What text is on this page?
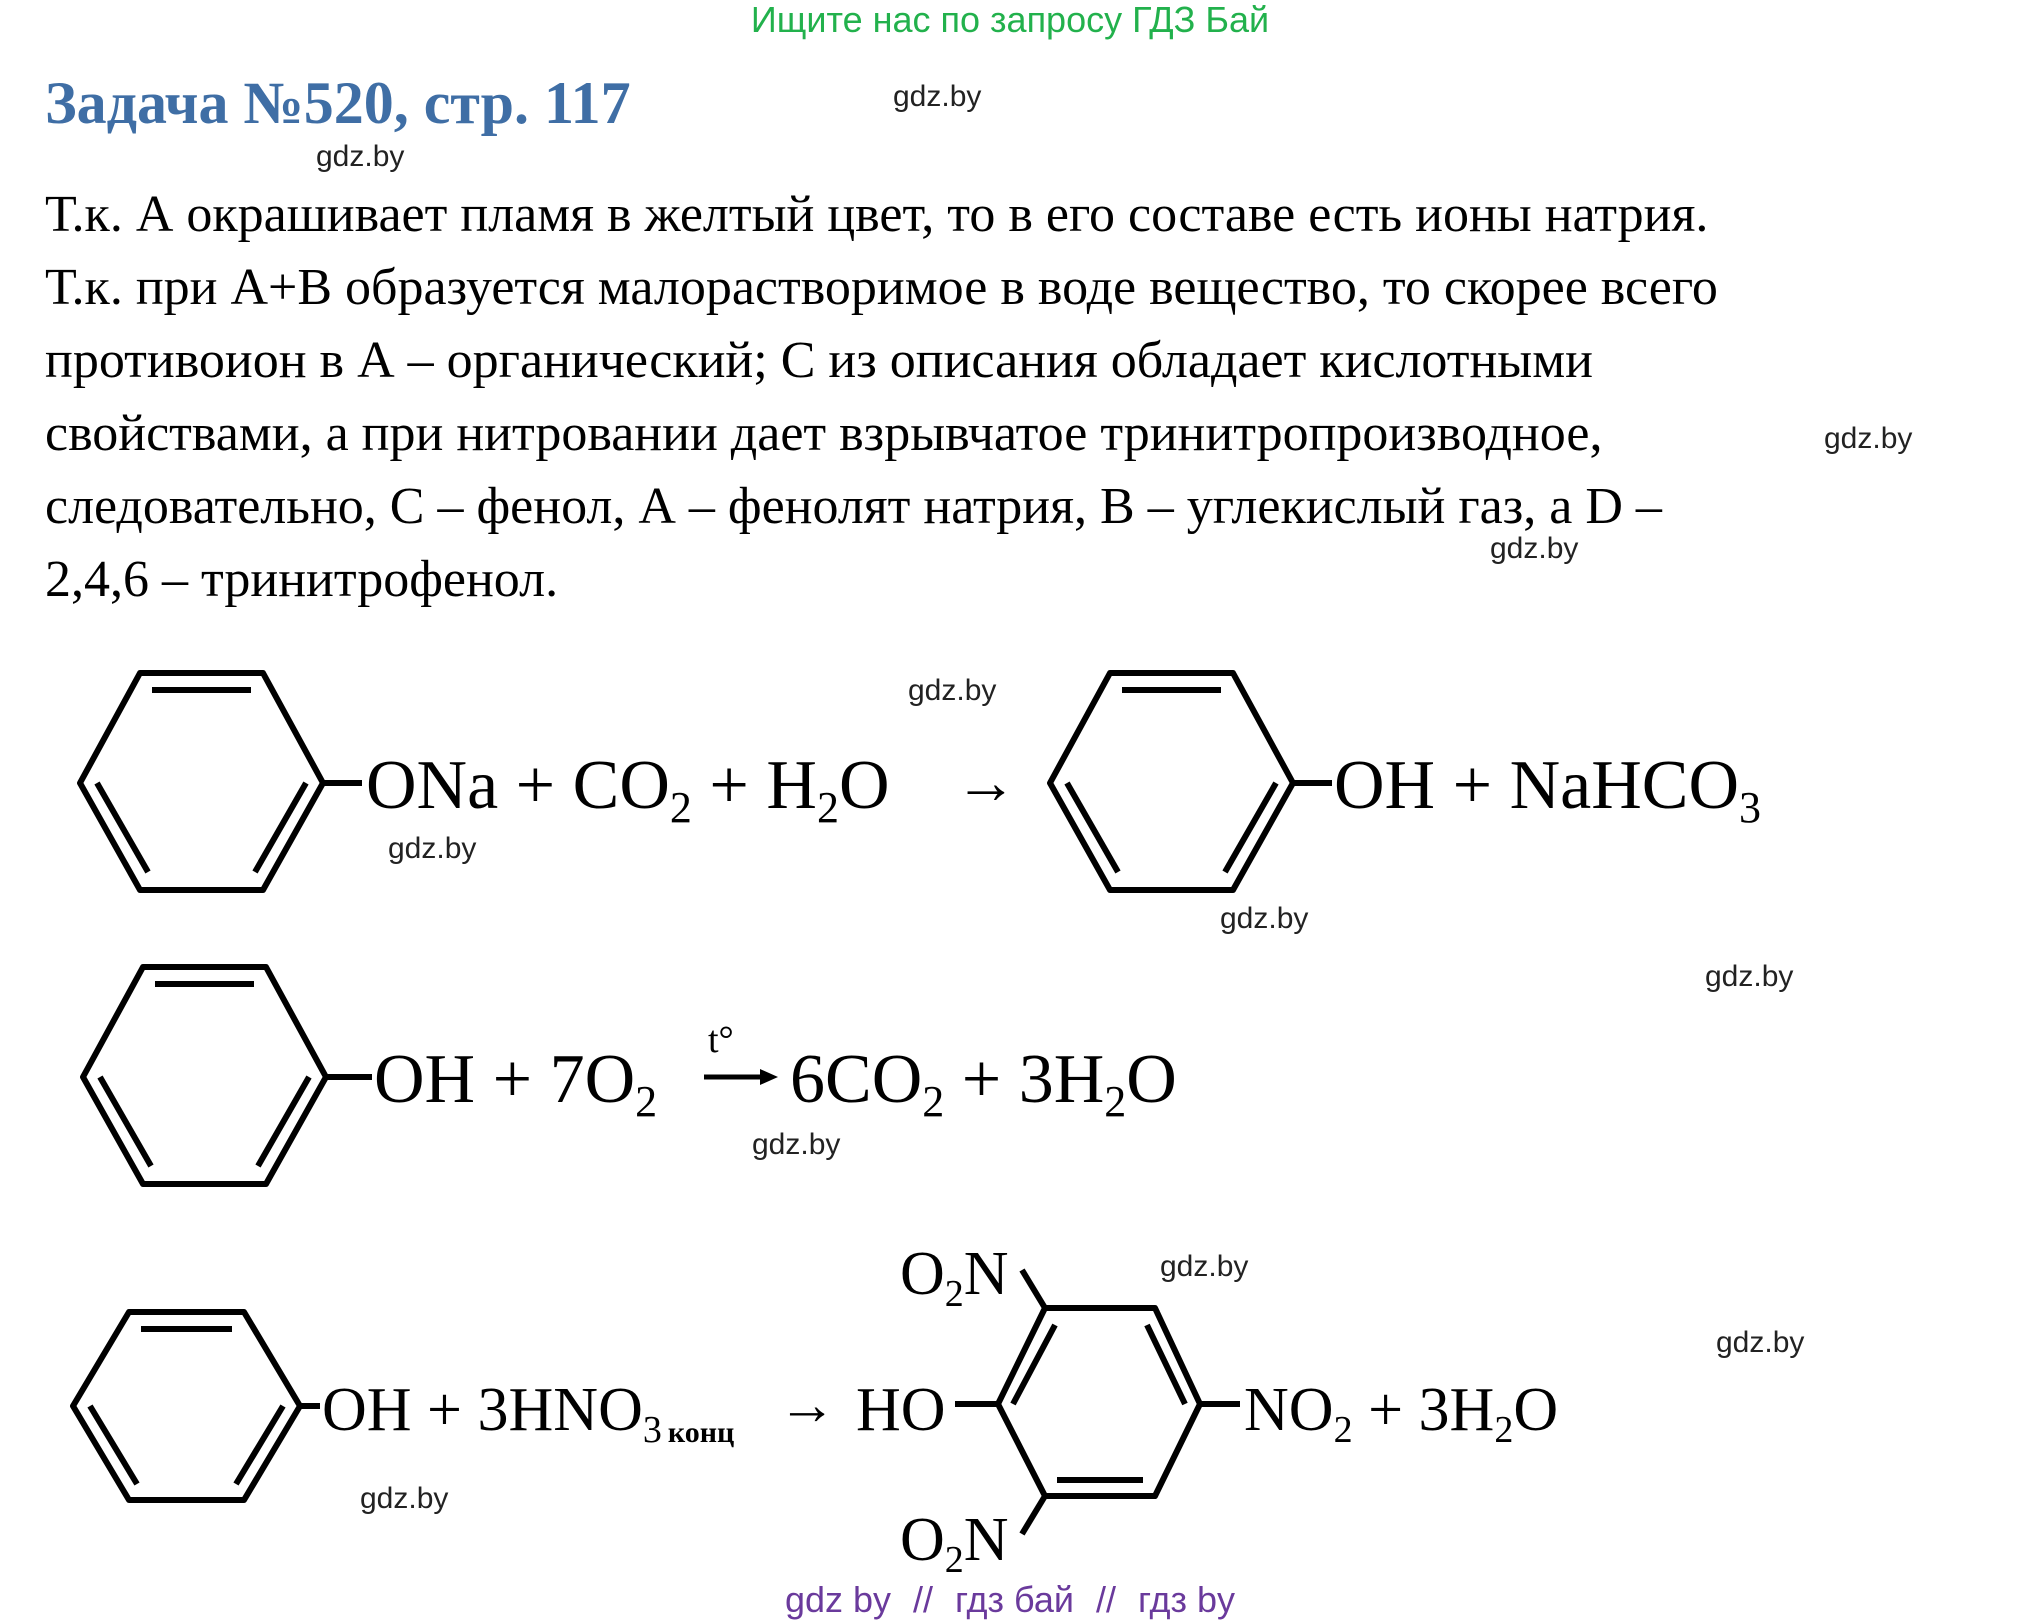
Ищите нас по запросу ГДЗ Бай
Задача №520, стр. 117	gdz.by
gdz.by
gdz.by
gdz.by
gdz.by
gdz.by
gdz.by
gdz.by
gdz.by
gdz.by
gdz.by
gdz.by

Т.к. А окрашивает пламя в желтый цвет, то в его составе есть ионы натрия.

Т.к. при А+В образуется малорастворимое в воде вещество, то скорее всего

противоион в А – органический; С из описания обладает кислотными

свойствами, а при нитровании дает взрывчатое тринитропроизводное,

следовательно, С – фенол, А – фенолят натрия, В – углекислый газ, а D –

2,4,6 – тринитрофенол.

ONa + $CO_2 + H_2O$ →	OH + NaHCO$_3$
OH + $7O_2$
t°
$6CO_2 + 3H_2O$
OH + 3HNO3 конц → HO
O2N
O2N
NO2 + 3H2O
gdz by // гдз бай // гдз by
